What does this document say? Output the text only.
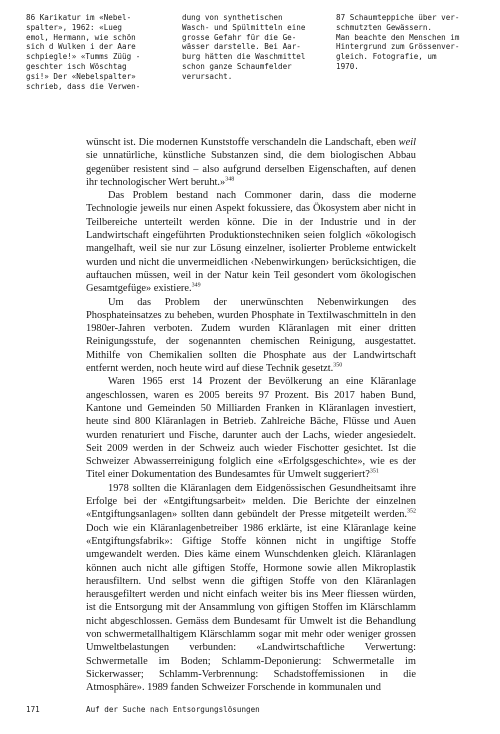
86 Karikatur im «Nebel-
spalter», 1962: «Lueg
emol, Hermann, wie schön
sich d Wulken i der Aare
schpiegle!» «Tumms Züüg -
geschter isch Wöschtag
gsi!» Der «Nebelspalter»
schrieb, dass die Verwen-

dung von synthetischen
Wasch- und Spülmitteln eine
grosse Gefahr für die Ge-
wässer darstelle. Bei Aar-
burg hätten die Waschmittel
schon ganze Schaumfelder
verursacht.

87 Schaumteppiche über ver-
schmutzten Gewässern.
Man beachte den Menschen im
Hintergrund zum Grössenver-
gleich. Fotografie, um
1970.

wünscht ist. Die modernen Kunststoffe verschandeln die Landschaft, eben weil sie unnatürliche, künstliche Substanzen sind, die dem biologischen Abbau gegenüber resistent sind – also aufgrund derselben Eigenschaften, auf denen ihr technologischer Wert beruht.»$^{348}$

Das Problem bestand nach Commoner darin, dass die moderne Technologie jeweils nur einen Aspekt fokussiere, das Ökosystem aber nicht in Teilbereiche unterteilt werden könne. Die in der Industrie und in der Landwirtschaft eingeführten Produktionstechniken seien folglich «ökologisch mangelhaft, weil sie nur zur Lösung einzelner, isolierter Probleme entwickelt wurden und nicht die unvermeidlichen ‹Nebenwirkungen› berücksichtigen, die auftauchen müssen, weil in der Natur kein Teil gesondert vom ökologischen Gesamtgefüge» existiere.$^{349}$

Um das Problem der unerwünschten Nebenwirkungen des Phosphateinsatzes zu beheben, wurden Phosphate in Textilwaschmitteln in den 1980er-Jahren verboten. Zudem wurden Kläranlagen mit einer dritten Reinigungsstufe, der sogenannten chemischen Reinigung, ausgestattet. Mithilfe von Chemikalien sollten die Phosphate aus der Landwirtschaft entfernt werden, noch heute wird auf diese Technik gesetzt.$^{350}$

Waren 1965 erst 14 Prozent der Bevölkerung an eine Kläranlage angeschlossen, waren es 2005 bereits 97 Prozent. Bis 2017 haben Bund, Kantone und Gemeinden 50 Milliarden Franken in Kläranlagen investiert, heute sind 800 Kläranlagen in Betrieb. Zahlreiche Bäche, Flüsse und Auen wurden renaturiert und Fische, darunter auch der Lachs, wieder angesiedelt. Seit 2009 werden in der Schweiz auch wieder Fischotter gesichtet. Ist die Schweizer Abwasserreinigung folglich eine «Erfolgsgeschichte», wie es der Titel einer Dokumentation des Bundesamtes für Umwelt suggeriert?$^{351}$

1978 sollten die Kläranlagen dem Eidgenössischen Gesundheitsamt ihre Erfolge bei der «Entgiftungsarbeit» melden. Die Berichte der einzelnen «Entgiftungsanlagen» sollten dann gebündelt der Presse mitgeteilt werden.$^{352}$ Doch wie ein Kläranlagenbetreiber 1986 erklärte, ist eine Kläranlage keine «Entgiftungsfabrik»: Giftige Stoffe können nicht in ungiftige Stoffe umgewandelt werden. Dies käme einem Wunschdenken gleich. Kläranlagen können auch nicht alle giftigen Stoffe, Hormone sowie allen Mikroplastik herausfiltern. Und selbst wenn die giftigen Stoffe von den Kläranlagen herausgefiltert werden und nicht einfach weiter bis ins Meer fliessen würden, ist die Entsorgung mit der Ansammlung von giftigen Stoffen im Klärschlamm nicht abgeschlossen. Gemäss dem Bundesamt für Umwelt ist die Behandlung von schwermetallhaltigem Klärschlamm sogar mit mehr oder weniger grossen Umweltbelastungen verbunden: «Landwirtschaftliche Verwertung: Schwermetalle im Boden; Schlamm-Deponierung: Schwermetalle im Sickerwasser; Schlamm-Verbrennung: Schadstoffemissionen in die Atmosphäre». 1989 fanden Schweizer Forschende in kommunalen und

171	Auf der Suche nach Entsorgungslösungen
